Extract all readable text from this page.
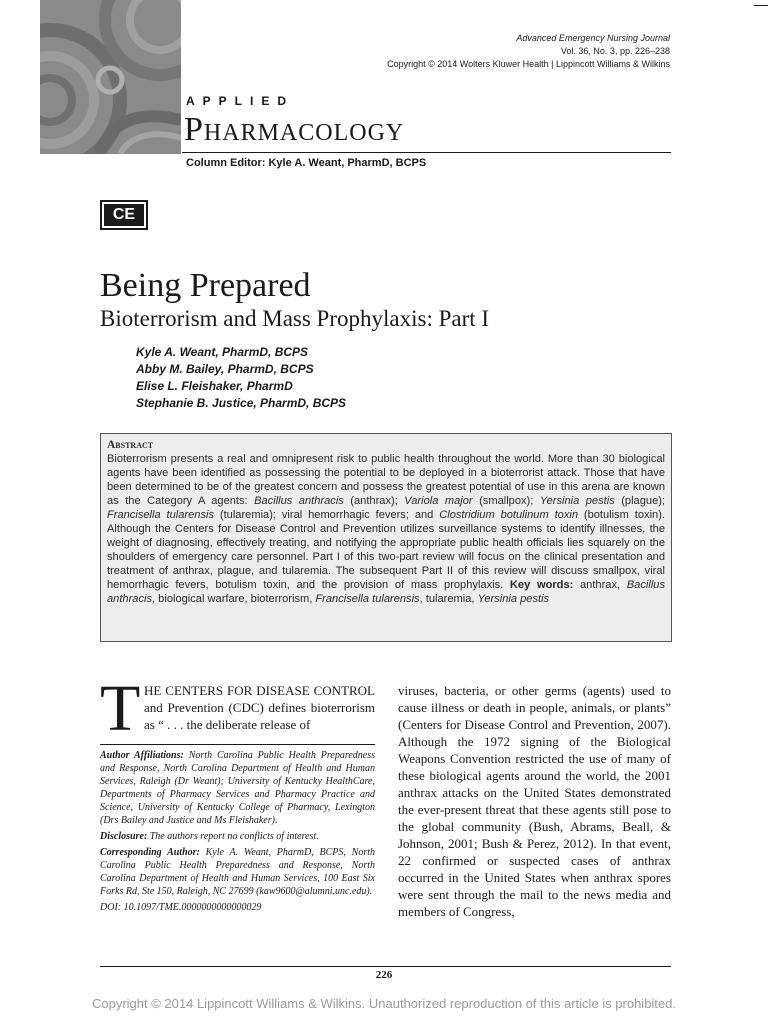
Advanced Emergency Nursing Journal
Vol. 36, No. 3, pp. 226–238
Copyright © 2014 Wolters Kluwer Health | Lippincott Williams & Wilkins
APPLIED
Pharmacology
Column Editor: Kyle A. Weant, PharmD, BCPS
CE
Being Prepared
Bioterrorism and Mass Prophylaxis: Part I
Kyle A. Weant, PharmD, BCPS
Abby M. Bailey, PharmD, BCPS
Elise L. Fleishaker, PharmD
Stephanie B. Justice, PharmD, BCPS
Abstract
Bioterrorism presents a real and omnipresent risk to public health throughout the world. More than 30 biological agents have been identified as possessing the potential to be deployed in a bioterrorist attack. Those that have been determined to be of the greatest concern and possess the greatest potential of use in this arena are known as the Category A agents: Bacillus anthracis (anthrax); Variola major (smallpox); Yersinia pestis (plague); Francisella tularensis (tularemia); viral hemorrhagic fevers; and Clostridium botulinum toxin (botulism toxin). Although the Centers for Disease Control and Prevention utilizes surveillance systems to identify illnesses, the weight of diagnosing, effectively treating, and notifying the appropriate public health officials lies squarely on the shoulders of emergency care personnel. Part I of this two-part review will focus on the clinical presentation and treatment of anthrax, plague, and tularemia. The subsequent Part II of this review will discuss smallpox, viral hemorrhagic fevers, botulism toxin, and the provision of mass prophylaxis. Key words: anthrax, Bacillus anthracis, biological warfare, bioterrorism, Francisella tularensis, tularemia, Yersinia pestis
T HE CENTERS FOR DISEASE CONTROL and Prevention (CDC) defines bioterrorism as “ . . . the deliberate release of

Author Affiliations: North Carolina Public Health Preparedness and Response, North Carolina Department of Health and Human Services, Raleigh (Dr Weant); University of Kentucky HealthCare, Departments of Pharmacy Services and Pharmacy Practice and Science, University of Kentucky College of Pharmacy, Lexington (Drs Bailey and Justice and Ms Fleishaker).

Disclosure: The authors report no conflicts of interest.

Corresponding Author: Kyle A. Weant, PharmD, BCPS, North Carolina Public Health Preparedness and Response, North Carolina Department of Health and Human Services, 100 East Six Forks Rd, Ste 150, Raleigh, NC 27699 (kaw9600@alumni.unc.edu).

DOI: 10.1097/TME.0000000000000029

viruses, bacteria, or other germs (agents) used to cause illness or death in people, animals, or plants” (Centers for Disease Control and Prevention, 2007). Although the 1972 signing of the Biological Weapons Convention restricted the use of many of these biological agents around the world, the 2001 anthrax attacks on the United States demonstrated the ever-present threat that these agents still pose to the global community (Bush, Abrams, Beall, & Johnson, 2001; Bush & Perez, 2012). In that event, 22 confirmed or suspected cases of anthrax occurred in the United States when anthrax spores were sent through the mail to the news media and members of Congress,
226
Copyright © 2014 Lippincott Williams & Wilkins. Unauthorized reproduction of this article is prohibited.
